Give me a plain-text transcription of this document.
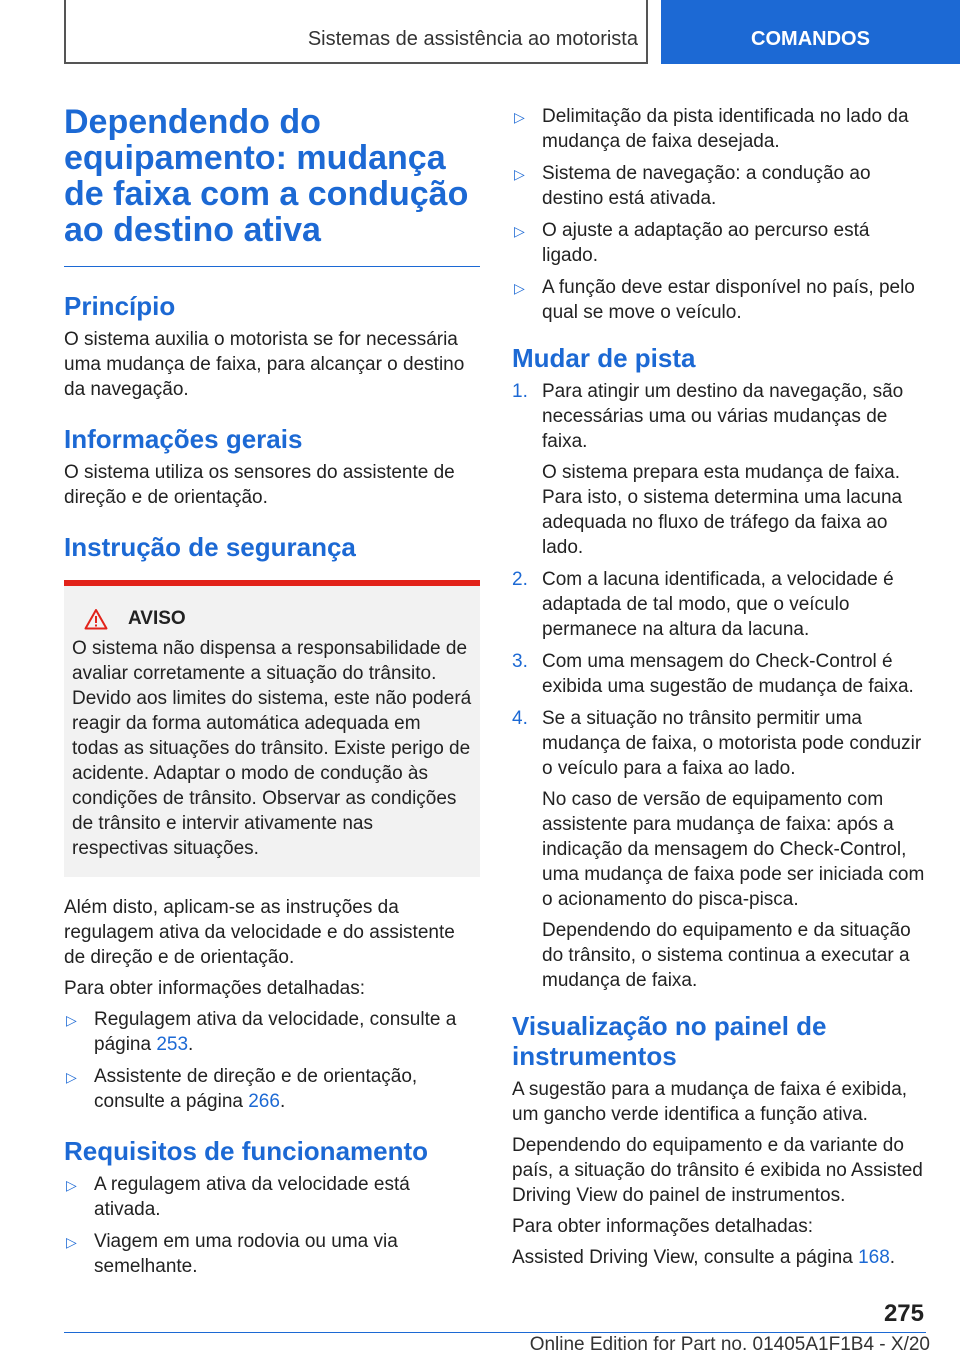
Sistemas de assistência ao motorista	COMANDOS
Dependendo do equipamento: mudança de faixa com a condução ao destino ativa
Princípio

O sistema auxilia o motorista se for necessária uma mudança de faixa, para alcançar o destino da navegação.

Informações gerais

O sistema utiliza os sensores do assistente de direção e de orientação.

Instrução de segurança
AVISO

O sistema não dispensa a responsabilidade de avaliar corretamente a situação do trânsito. Devido aos limites do sistema, este não poderá reagir da forma automática adequada em todas as situações do trânsito. Existe perigo de acidente. Adaptar o modo de condução às condições de trânsito. Observar as condições de trânsito e intervir ativamente nas respectivas situações.

Além disto, aplicam-se as instruções da regulagem ativa da velocidade e do assistente de direção e de orientação.

Para obter informações detalhadas:

▷ Regulagem ativa da velocidade, consulte a página 253.
▷ Assistente de direção e de orientação, consulte a página 266.
Requisitos de funcionamento
▷ A regulagem ativa da velocidade está ativada.
▷ Viagem em uma rodovia ou uma via semelhante.
▷ Delimitação da pista identificada no lado da mudança de faixa desejada.
▷ Sistema de navegação: a condução ao destino está ativada.
▷ O ajuste a adaptação ao percurso está ligado.
▷ A função deve estar disponível no país, pelo qual se move o veículo.
Mudar de pista
1. Para atingir um destino da navegação, são necessárias uma ou várias mudanças de faixa.

O sistema prepara esta mudança de faixa. Para isto, o sistema determina uma lacuna adequada no fluxo de tráfego da faixa ao lado.

2. Com a lacuna identificada, a velocidade é adaptada de tal modo, que o veículo permanece na altura da lacuna.

3. Com uma mensagem do Check-Control é exibida uma sugestão de mudança de faixa.

4. Se a situação no trânsito permitir uma mudança de faixa, o motorista pode conduzir o veículo para a faixa ao lado.

No caso de versão de equipamento com assistente para mudança de faixa: após a indicação da mensagem do Check-Control, uma mudança de faixa pode ser iniciada com o acionamento do pisca-pisca.

Dependendo do equipamento e da situação do trânsito, o sistema continua a executar a mudança de faixa.

Visualização no painel de instrumentos

A sugestão para a mudança de faixa é exibida, um gancho verde identifica a função ativa.

Dependendo do equipamento e da variante do país, a situação do trânsito é exibida no Assisted Driving View do painel de instrumentos.

Para obter informações detalhadas:

Assisted Driving View, consulte a página 168.

275
Online Edition for Part no. 01405A1F1B4 - X/20
